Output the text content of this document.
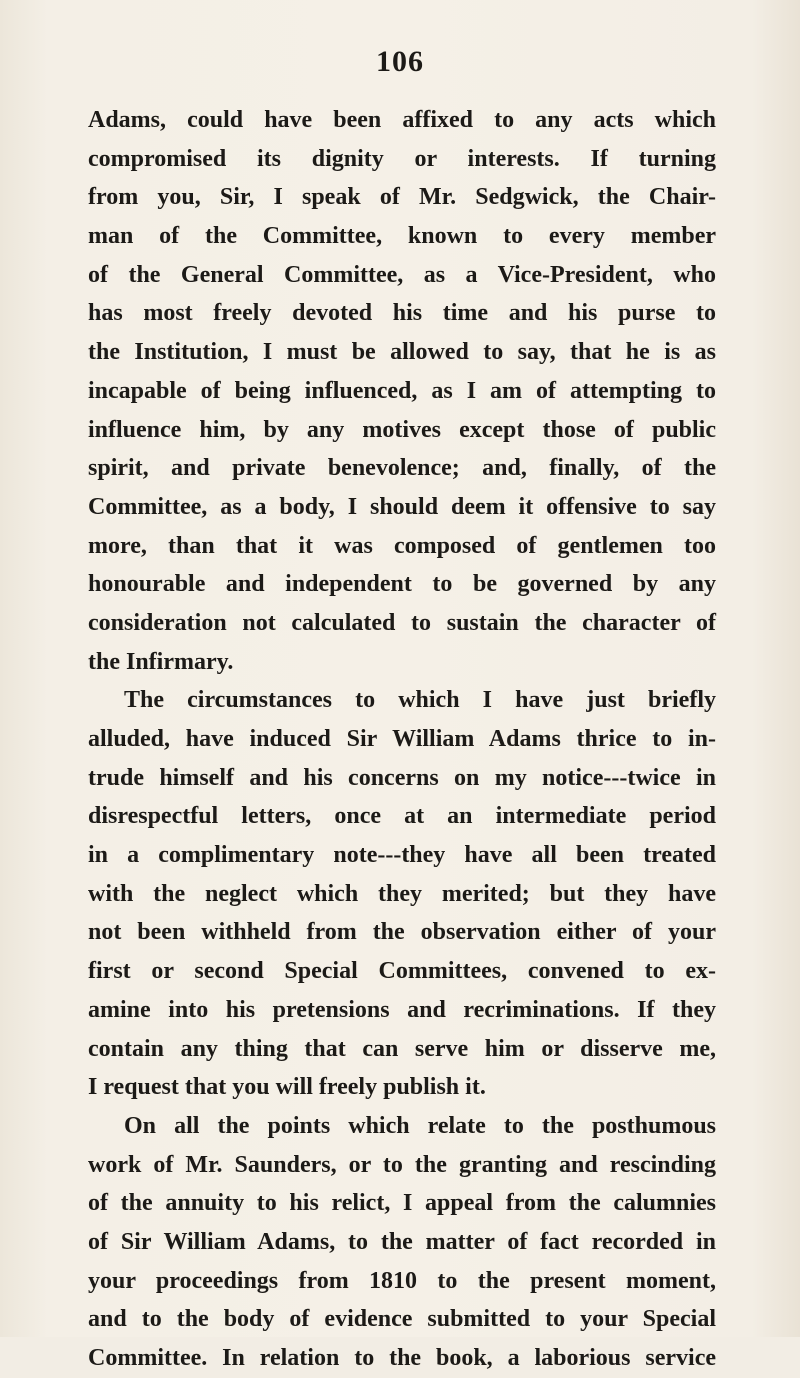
106
Adams, could have been affixed to any acts which
compromised its dignity or interests. If turning
from you, Sir, I speak of Mr. Sedgwick, the Chair-
man of the Committee, known to every member
of the General Committee, as a Vice-President, who
has most freely devoted his time and his purse to
the Institution, I must be allowed to say, that he is as
incapable of being influenced, as I am of attempting to
influence him, by any motives except those of public
spirit, and private benevolence; and, finally, of the
Committee, as a body, I should deem it offensive to say
more, than that it was composed of gentlemen too
honourable and independent to be governed by any
consideration not calculated to sustain the character of
the Infirmary.
The circumstances to which I have just briefly
alluded, have induced Sir William Adams thrice to in-
trude himself and his concerns on my notice---twice in
disrespectful letters, once at an intermediate period
in a complimentary note---they have all been treated
with the neglect which they merited; but they have
not been withheld from the observation either of your
first or second Special Committees, convened to ex-
amine into his pretensions and recriminations. If they
contain any thing that can serve him or disserve me,
I request that you will freely publish it.
On all the points which relate to the posthumous
work of Mr. Saunders, or to the granting and rescinding
of the annuity to his relict, I appeal from the calumnies
of Sir William Adams, to the matter of fact recorded in
your proceedings from 1810 to the present moment,
and to the body of evidence submitted to your Special
Committee. In relation to the book, a laborious service
